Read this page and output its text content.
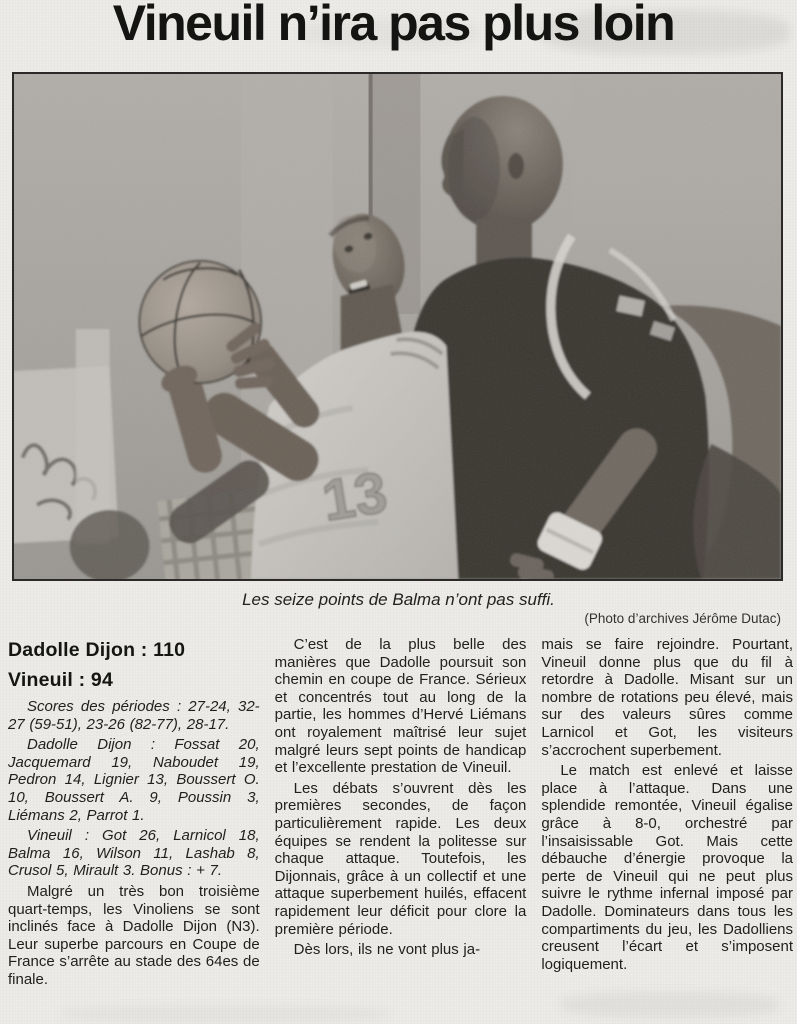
Vineuil n’ira pas plus loin
13

Les seize points de Balma n’ont pas suffi.

(Photo d’archives Jérôme Dutac)

Dadolle Dijon : 110
Vineuil : 94

Scores des périodes : 27-24, 32-27 (59-51), 23-26 (82-77), 28-17.

Dadolle Dijon : Fossat 20, Jacquemard 19, Naboudet 19, Pedron 14, Lignier 13, Boussert O. 10, Boussert A. 9, Poussin 3, Liémans 2, Parrot 1.

Vineuil : Got 26, Larnicol 18, Balma 16, Wilson 11, Lashab 8, Crusol 5, Mirault 3. Bonus : + 7.

Malgré un très bon troisième quart-temps, les Vinoliens se sont inclinés face à Dadolle Dijon (N3). Leur superbe parcours en Coupe de France s’arrête au stade des 64es de finale.

C’est de la plus belle des manières que Dadolle poursuit son chemin en coupe de France. Sérieux et concentrés tout au long de la partie, les hommes d’Hervé Liémans ont royalement maîtrisé leur sujet malgré leurs sept points de handicap et l’excellente prestation de Vineuil.

Les débats s’ouvrent dès les premières secondes, de façon particulièrement rapide. Les deux équipes se rendent la politesse sur chaque attaque. Toutefois, les Dijonnais, grâce à un collectif et une attaque superbement huilés, effacent rapidement leur déficit pour clore la première période.

Dès lors, ils ne vont plus ja-

mais se faire rejoindre. Pourtant, Vineuil donne plus que du fil à retordre à Dadolle. Misant sur un nombre de rotations peu élevé, mais sur des valeurs sûres comme Larnicol et Got, les visiteurs s’accrochent superbement.

Le match est enlevé et laisse place à l’attaque. Dans une splendide remontée, Vineuil égalise grâce à 8-0, orchestré par l’insaisissable Got. Mais cette débauche d’énergie provoque la perte de Vineuil qui ne peut plus suivre le rythme infernal imposé par Dadolle. Dominateurs dans tous les compartiments du jeu, les Dadolliens creusent l’écart et s’imposent logiquement.
